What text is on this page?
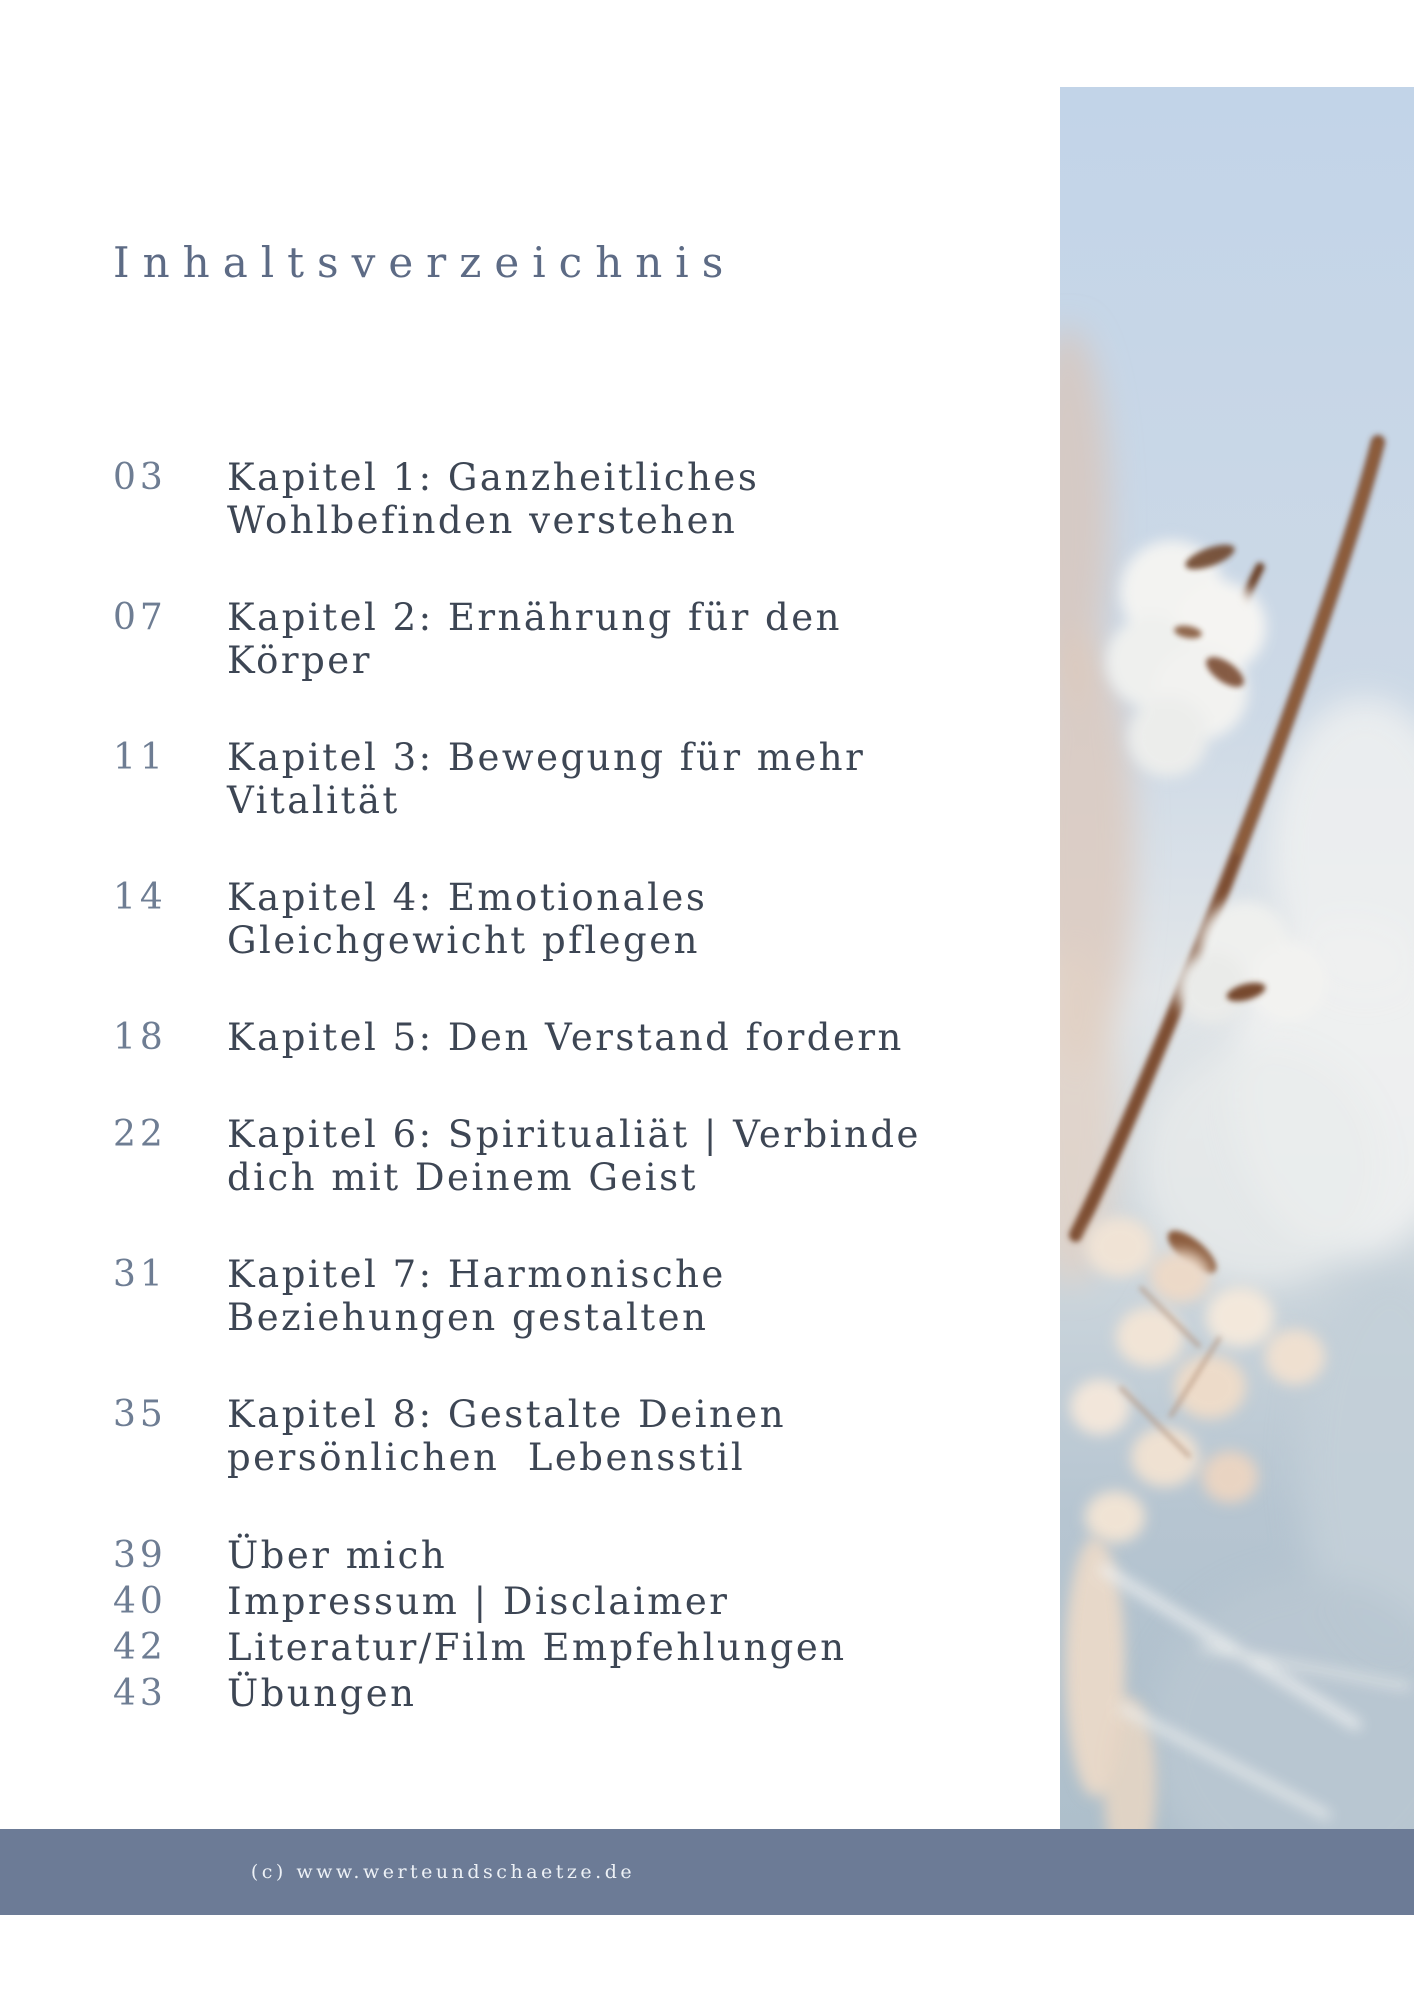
Inhaltsverzeichnis
03	Kapitel 1: Ganzheitliches
Wohlbefinden verstehen
07	Kapitel 2: Ernährung für den
Körper
11	Kapitel 3: Bewegung für mehr
Vitalität
14	Kapitel 4: Emotionales
Gleichgewicht pflegen
18	Kapitel 5: Den Verstand fordern
22	Kapitel 6: Spiritualiät | Verbinde
dich mit Deinem Geist
31	Kapitel 7: Harmonische
Beziehungen gestalten
35	Kapitel 8: Gestalte Deinen
persönlichen  Lebensstil
39	Über mich
40	Impressum | Disclaimer
42	Literatur/Film Empfehlungen
43	Übungen
(c) www.werteundschaetze.de
